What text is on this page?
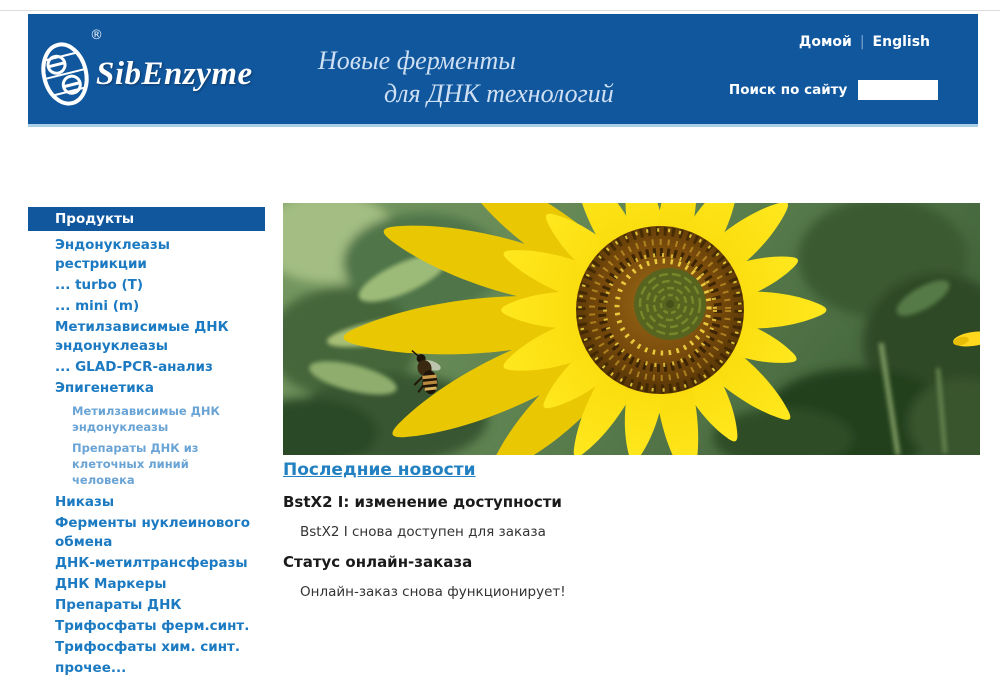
®
SibEnzyme	Новые ферменты
для ДНК технологий
Домой | English
Поиск по сайту
Продукты
Эндонуклеазы рестрикции
... turbo (T)
... mini (m)
Метилзависимые ДНК эндонуклеазы
... GLAD-PCR-анализ
Эпигенетика
Метилзависимые ДНК эндонуклеазы
Препараты ДНК из клеточных линий человека
Никазы
Ферменты нуклеинового обмена
ДНК-метилтрансферазы
ДНК Маркеры
Препараты ДНК
Трифосфаты ферм.синт.
Трифосфаты хим. синт.
прочее...
Последние новости
BstX2 I: изменение доступности
BstX2 I снова доступен для заказа
Статус онлайн-заказа
Онлайн-заказ снова функционирует!
